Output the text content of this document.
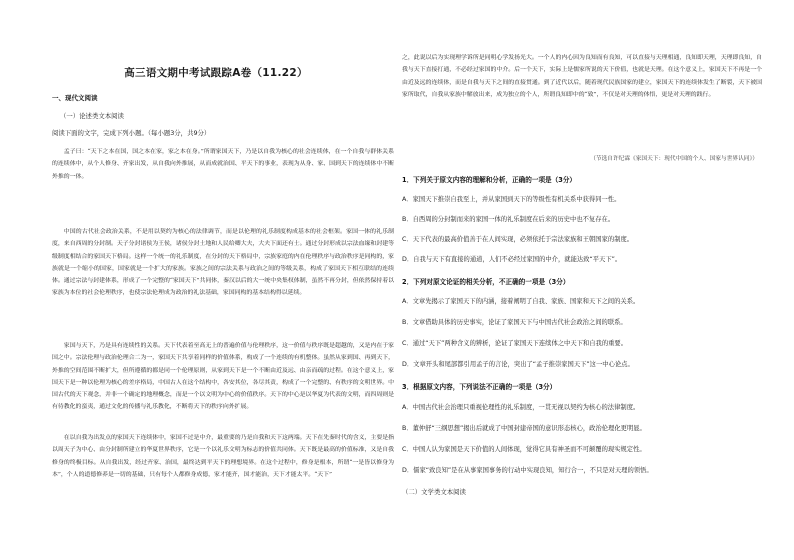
高三语文期中考试跟踪A卷（11.22）
一、现代文阅读
（一）论述类文本阅读
阅读下面的文字，完成下列小题。（每小题3分，共9分）
孟子曰：“天下之本在国，国之本在家，家之本在身。”所谓家国天下，乃是以自我为核心的社会连续体，在一个自我与群体关系的连续体中，从个人修身、齐家出发，从自我向外推展，从而成就治国、平天下的事业，表现为从身、家、国到天下的连续体中不断外推的一体。
中国的古代社会政治关系，不是用以契约为核心的法律调节，而是以伦理的礼乐制度构成基本的社会框架。家国一体的礼乐制度，来自西周的分封制。天子分封诸侯为王侯，诸侯分封土地和人民给卿大夫，大夫下面还有士。通过分封形成以宗法血缘和封建等级制度相结合的家国天下格局。这样一个统一的礼乐制度，在分封的天下格局中，宗族家庭的内在伦理秩序与政治秩序是同构的，家族就是一个缩小的国家，国家就是一个扩大的家族。家族之间的宗法关系与政治之间的等级关系，构成了家国天下相互联结的连续体。通过宗法与封建体系，形成了一个完整的“家国天下”共同体，秦汉以后的大一统中央集权体制，虽然不再分封，但依然保持着以家族为本位的社会伦理秩序，也使宗法伦理成为政治的礼法基础，家国同构的基本结构得以延续。
家国与天下，乃是具有连续性的关系。天下代表着至高无上的普遍价值与伦理秩序，这一价值与秩序既是超越的，又是内在于家国之中。宗法伦理与政治伦理合二为一，家国天下共享着同样的价值体系，构成了一个连续的有机整体。虽然从家到国、再到天下，外推的空间范围不断扩大，但所遵循的都是同一个伦理原则，从家到天下是一个不断由近及远、由亲而疏的过程。在这个意义上，家国天下是一种以伦理为核心的差序格局，中国古人在这个结构中，各安其位，各尽其责，构成了一个完整的、有秩序的文明世界。中国古代的天下观念，并非一个确定的地理概念，而是一个以文明为中心的价值秩序。天下的中心是以华夏为代表的文明，而四周则是有待教化的蛮夷，通过文化的传播与礼乐教化，不断将天下的秩序向外扩展。
在以自我为出发点的家国天下连续体中，家国不过是中介，最重要的乃是自我和天下这两端。天下在先秦时代的含义，主要是指以周天子为中心、由分封制所建立的华夏世界秩序，它是一个以礼乐文明为标志的价值共同体。天下既是最高的价值标准，又是自我修身的终极目标。从自我出发，经过齐家、治国，最终达到平天下的理想境界。在这个过程中，修身是根本，所谓“一是皆以修身为本”，个人的道德修养是一切的基础，只有每个人都修身成德，家才能齐，国才能治，天下才能太平。“天下”
之，此说以后为实现理学诉所是同明心学发扬光大。一个人的内心因为良知而有良知，可以直接与天理相通，良知即天理，天理即良知，自我与天下直接打通，不必经过家国的中介。后一个天下，实际上是儒家所说的天下价值，也就是天理。在这个意义上，家国天下不再是一个由近及远的连续体，而是自我与天下之间的直接贯通。到了近代以后，随着现代民族国家的建立，家国天下的连续体发生了断裂，天下被国家所取代，自我从家族中解放出来，成为独立的个人，所谓良知即中的“致”，不仅是对天理的体悟，更是对天理的践行。
（节选自许纪霖《家国天下：现代中国的个人、国家与世界认同》）
1．下列关于原文内容的理解和分析，正确的一项是（3分）
A．家国天下推崇自我至上，并从家国到天下的等级性有机关系中获得同一性。
B．自西周的分封制而来的家国一体的礼乐制度在后来的历史中也不复存在。
C．天下代表的最高价值善于在人间实现，必须依托于宗法家族和王朝国家的制度。
D．自我与天下有直接的通道，人们不必经过家国的中介，就能达致“平天下”。
2．下列对原文论证的相关分析，不正确的一项是（3分）
A．文章先揭示了家国天下的内涵，接着阐明了自我、家族、国家和天下之间的关系。
B．文章借助具体的历史事实，论证了家国天下与中国古代社会政治之间的联系。
C．通过“天下”两种含义的辨析，论证了家国天下连续体之中天下和自我的重要。
D．文章开头和尾部都引用孟子的言论，突出了“孟子推崇家国天下”这一中心论点。
3．根据原文内容，下列说法不正确的一项是（3分）
A．中国古代社会治理只重视伦理性的礼乐制度，一贯无视以契约为核心的法律制度。
B．董仲舒“三纲思想”揭出后就成了中国封建帝国的意识形态核心，政治伦理化更明显。
C．中国人认为家国是天下价值的人间体现，觉得它具有神圣而不可颠覆的现实规定性。
D．儒家“致良知”是在从事家国事务的行动中实现良知，知行合一，不只是对天理的领悟。
（二）文学类文本阅读
